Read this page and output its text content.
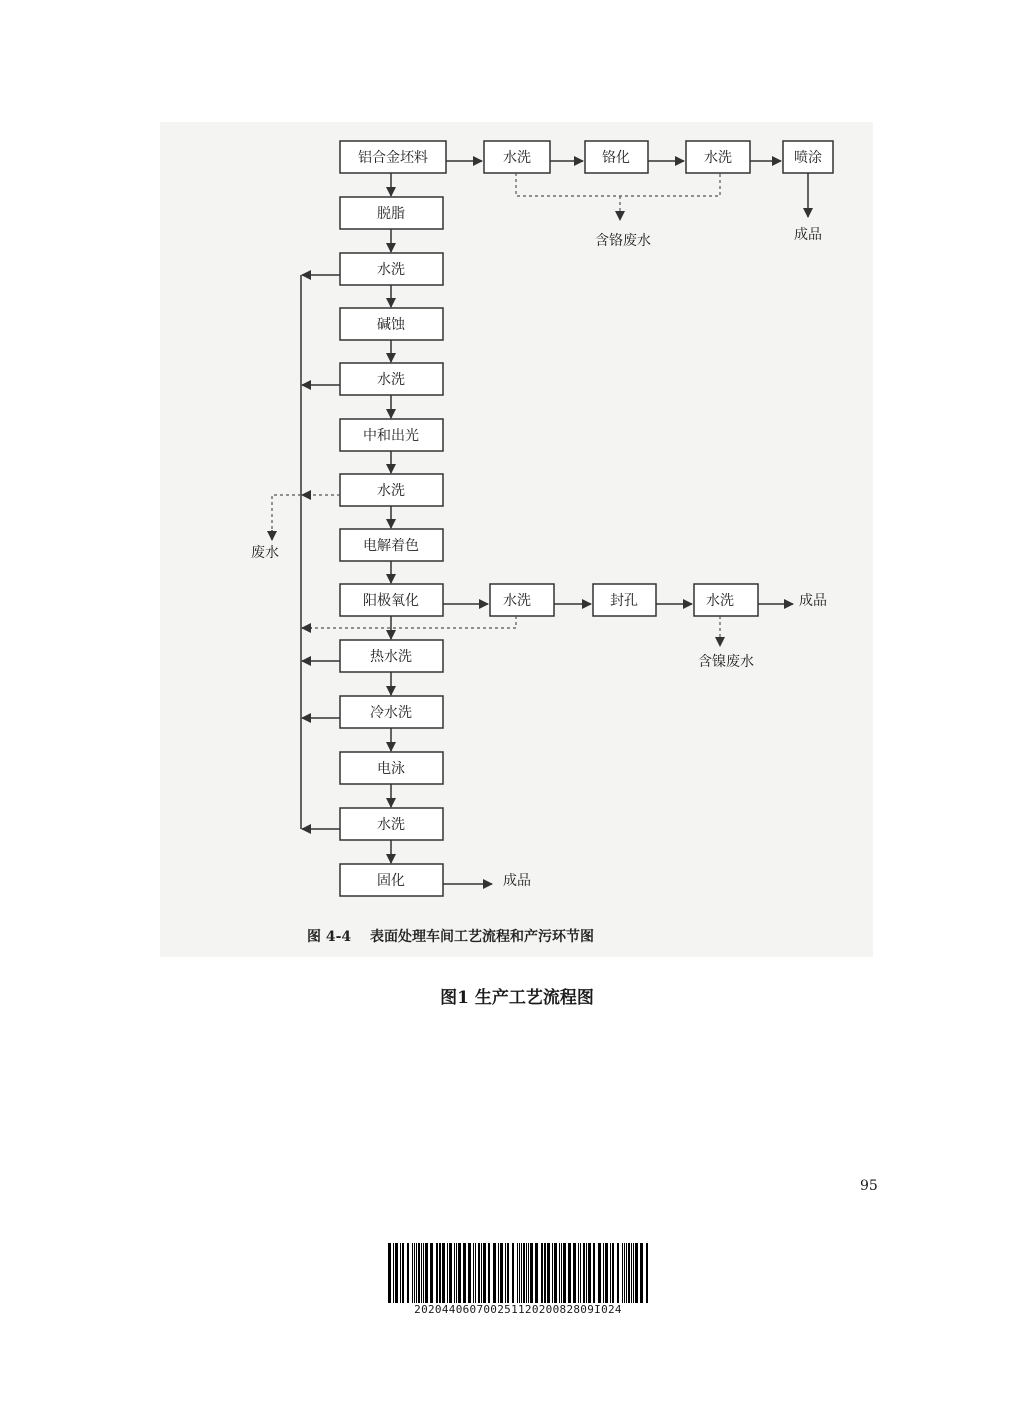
铝合金坯料
脱脂
水洗
碱蚀
水洗
中和出光
水洗
电解着色
阳极氧化
热水洗
冷水洗
电泳
水洗
固化
水洗	铬化	水洗	喷涂
含铬废水	成品
水洗	封孔	水洗
含镍废水
成品
废水
成品
图 4-4　 表面处理车间工艺流程和产污环节图
图1 生产工艺流程图
95
20204406070025112020082809I024
